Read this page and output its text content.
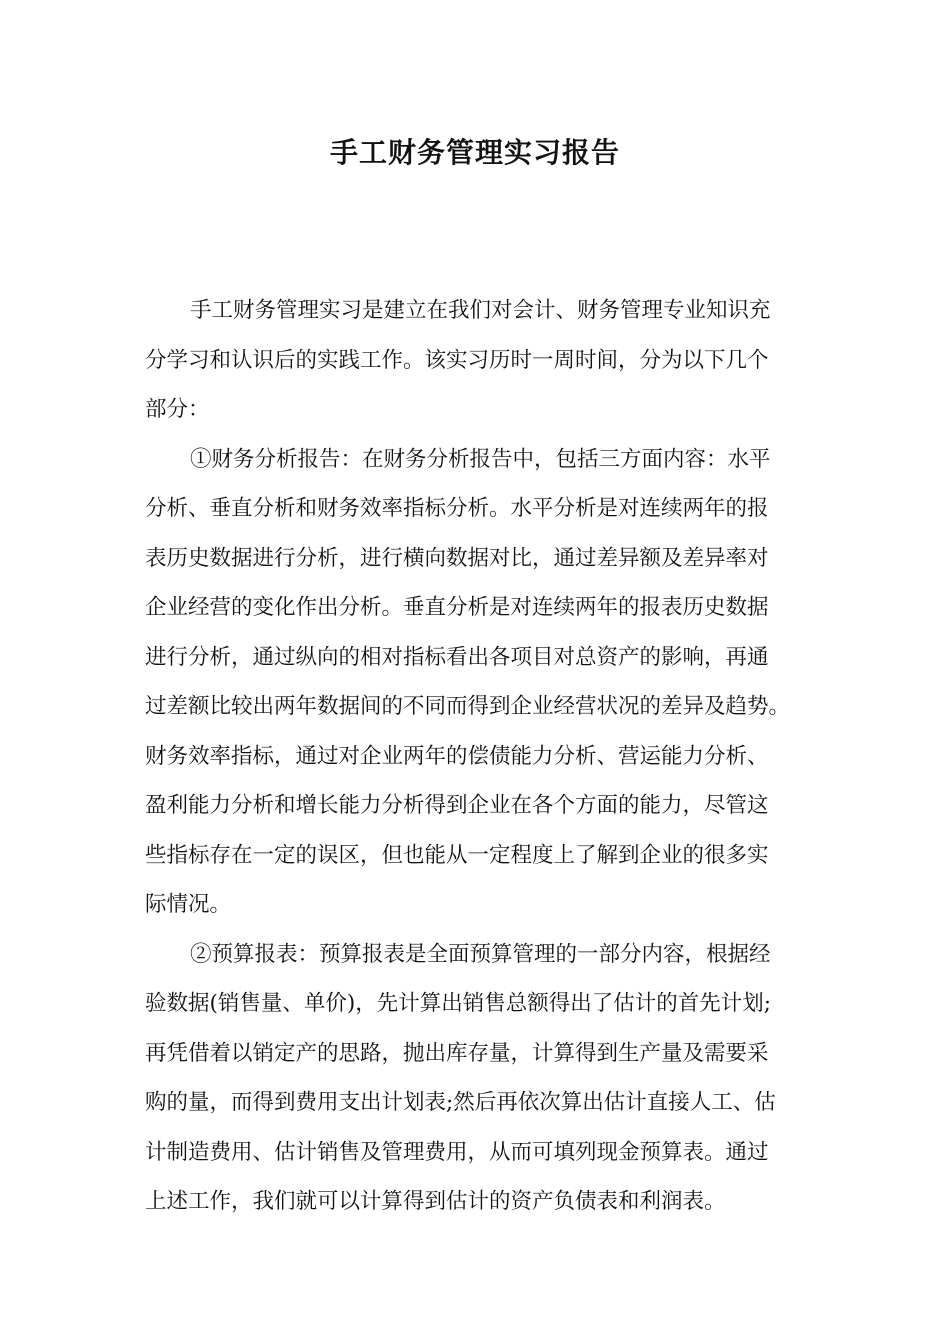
手工财务管理实习报告
手工财务管理实习是建立在我们对会计、财务管理专业知识充
分学习和认识后的实践工作。该实习历时一周时间，分为以下几个
部分：
①财务分析报告：在财务分析报告中，包括三方面内容：水平
分析、垂直分析和财务效率指标分析。水平分析是对连续两年的报
表历史数据进行分析，进行横向数据对比，通过差异额及差异率对
企业经营的变化作出分析。垂直分析是对连续两年的报表历史数据
进行分析，通过纵向的相对指标看出各项目对总资产的影响，再通
过差额比较出两年数据间的不同而得到企业经营状况的差异及趋势。
财务效率指标，通过对企业两年的偿债能力分析、营运能力分析、
盈利能力分析和增长能力分析得到企业在各个方面的能力，尽管这
些指标存在一定的误区，但也能从一定程度上了解到企业的很多实
际情况。
②预算报表：预算报表是全面预算管理的一部分内容，根据经
验数据(销售量、单价)，先计算出销售总额得出了估计的首先计划;
再凭借着以销定产的思路，抛出库存量，计算得到生产量及需要采
购的量，而得到费用支出计划表;然后再依次算出估计直接人工、估
计制造费用、估计销售及管理费用，从而可填列现金预算表。通过
上述工作，我们就可以计算得到估计的资产负债表和利润表。
